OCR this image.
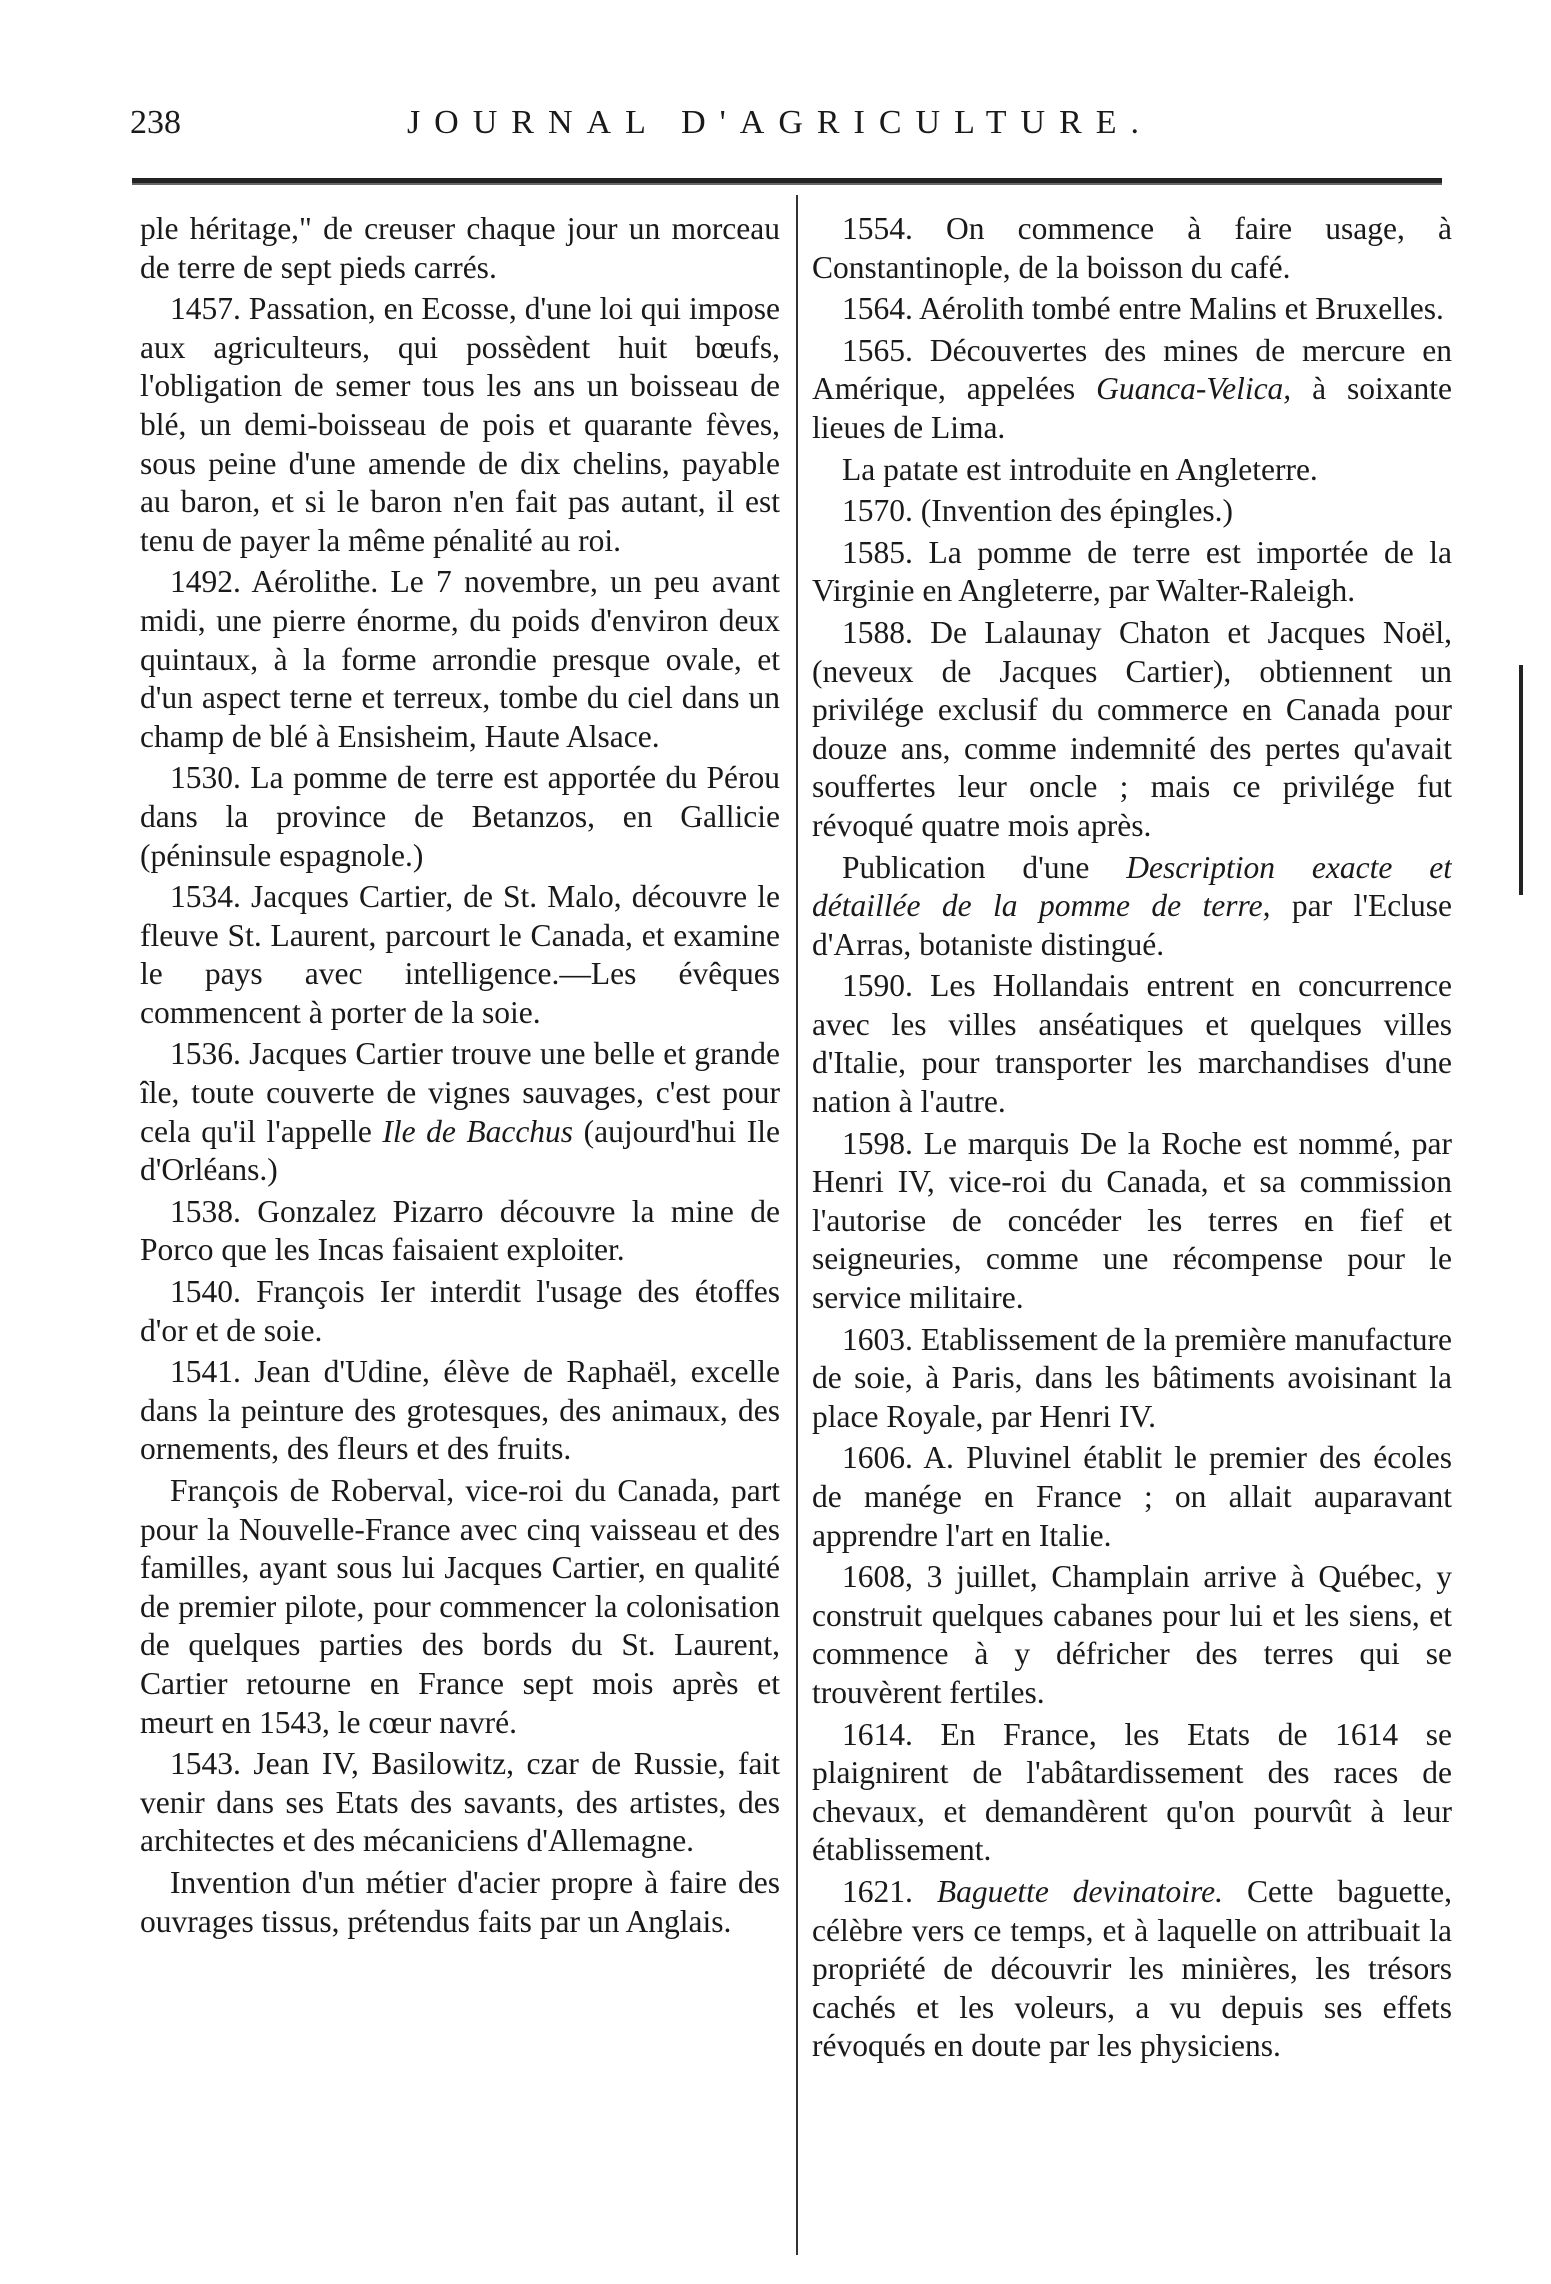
238	JOURNAL D'AGRICULTURE.

ple héritage," de creuser chaque jour un morceau de terre de sept pieds carrés.

1457. Passation, en Ecosse, d'une loi qui impose aux agriculteurs, qui possèdent huit bœufs, l'obligation de semer tous les ans un boisseau de blé, un demi-boisseau de pois et quarante fèves, sous peine d'une amende de dix chelins, payable au baron, et si le baron n'en fait pas autant, il est tenu de payer la même pénalité au roi.

1492. Aérolithe. Le 7 novembre, un peu avant midi, une pierre énorme, du poids d'environ deux quintaux, à la forme arrondie presque ovale, et d'un aspect terne et terreux, tombe du ciel dans un champ de blé à Ensisheim, Haute Alsace.

1530. La pomme de terre est apportée du Pérou dans la province de Betanzos, en Gallicie (péninsule espagnole.)

1534. Jacques Cartier, de St. Malo, découvre le fleuve St. Laurent, parcourt le Canada, et examine le pays avec intelligence.—Les évêques commencent à porter de la soie.

1536. Jacques Cartier trouve une belle et grande île, toute couverte de vignes sauvages, c'est pour cela qu'il l'appelle Ile de Bacchus (aujourd'hui Ile d'Orléans.)

1538. Gonzalez Pizarro découvre la mine de Porco que les Incas faisaient exploiter.

1540. François Ier interdit l'usage des étoffes d'or et de soie.

1541. Jean d'Udine, élève de Raphaël, excelle dans la peinture des grotesques, des animaux, des ornements, des fleurs et des fruits.

François de Roberval, vice-roi du Canada, part pour la Nouvelle-France avec cinq vaisseau et des familles, ayant sous lui Jacques Cartier, en qualité de premier pilote, pour commencer la colonisation de quelques parties des bords du St. Laurent, Cartier retourne en France sept mois après et meurt en 1543, le cœur navré.

1543. Jean IV, Basilowitz, czar de Russie, fait venir dans ses Etats des savants, des artistes, des architectes et des mécaniciens d'Allemagne.

Invention d'un métier d'acier propre à faire des ouvrages tissus, prétendus faits par un Anglais.

1554. On commence à faire usage, à Constantinople, de la boisson du café.

1564. Aérolith tombé entre Malins et Bruxelles.

1565. Découvertes des mines de mercure en Amérique, appelées Guanca-Velica, à soixante lieues de Lima.

La patate est introduite en Angleterre.

1570. (Invention des épingles.)

1585. La pomme de terre est importée de la Virginie en Angleterre, par Walter-Raleigh.

1588. De Lalaunay Chaton et Jacques Noël, (neveux de Jacques Cartier), obtiennent un privilége exclusif du commerce en Canada pour douze ans, comme indemnité des pertes qu'avait souffertes leur oncle ; mais ce privilége fut révoqué quatre mois après.

Publication d'une Description exacte et détaillée de la pomme de terre, par l'Ecluse d'Arras, botaniste distingué.

1590. Les Hollandais entrent en concurrence avec les villes anséatiques et quelques villes d'Italie, pour transporter les marchandises d'une nation à l'autre.

1598. Le marquis De la Roche est nommé, par Henri IV, vice-roi du Canada, et sa commission l'autorise de concéder les terres en fief et seigneuries, comme une récompense pour le service militaire.

1603. Etablissement de la première manufacture de soie, à Paris, dans les bâtiments avoisinant la place Royale, par Henri IV.

1606. A. Pluvinel établit le premier des écoles de manége en France ; on allait auparavant apprendre l'art en Italie.

1608, 3 juillet, Champlain arrive à Québec, y construit quelques cabanes pour lui et les siens, et commence à y défricher des terres qui se trouvèrent fertiles.

1614. En France, les Etats de 1614 se plaignirent de l'abâtardissement des races de chevaux, et demandèrent qu'on pourvût à leur établissement.

1621. Baguette devinatoire. Cette baguette, célèbre vers ce temps, et à laquelle on attribuait la propriété de découvrir les minières, les trésors cachés et les voleurs, a vu depuis ses effets révoqués en doute par les physiciens.
